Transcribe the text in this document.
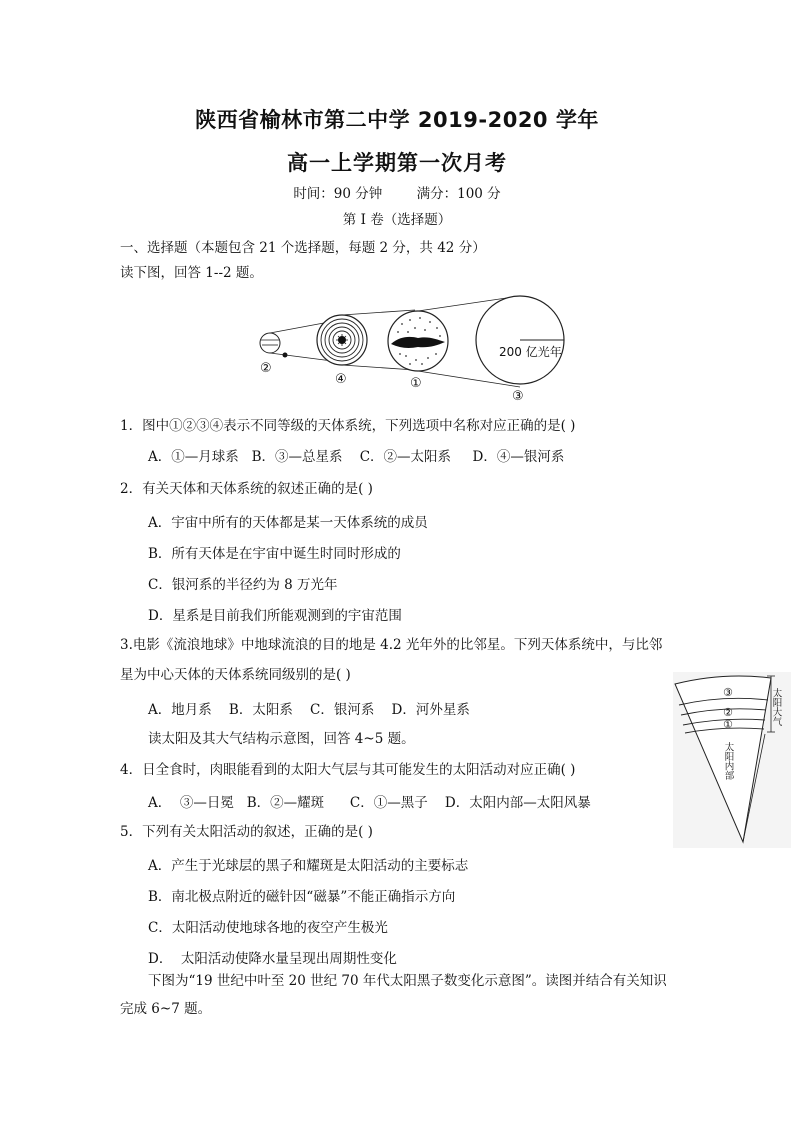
陕西省榆林市第二中学 2019-2020 学年
高一上学期第一次月考
时间：90 分钟        满分：100 分
第 I 卷（选择题）
一、选择题（本题包含 21 个选择题，每题 2 分，共 42 分）
读下图，回答 1--2 题。
200 亿光年
②
④	①
③
1．图中①②③④表示不同等级的天体系统，下列选项中名称对应正确的是( )
A．①—月球系   B．③—总星系    C．②—太阳系     D．④—银河系
2．有关天体和天体系统的叙述正确的是( )
A．宇宙中所有的天体都是某一天体系统的成员
B．所有天体是在宇宙中诞生时同时形成的
C．银河系的半径约为 8 万光年
D．星系是目前我们所能观测到的宇宙范围
3.电影《流浪地球》中地球流浪的目的地是 4.2 光年外的比邻星。下列天体系统中，与比邻
星为中心天体的天体系统同级别的是( )
A．地月系    B．太阳系    C．银河系    D．河外星系
读太阳及其大气结构示意图，回答 4~5 题。
③
②
①	太阳大气
太阳内部
4．日全食时，肉眼能看到的太阳大气层与其可能发生的太阳活动对应正确( )
A．  ③—日冕   B．②—耀斑      C．①—黑子    D．太阳内部—太阳风暴
5．下列有关太阳活动的叙述，正确的是( )
A．产生于光球层的黑子和耀斑是太阳活动的主要标志
B．南北极点附近的磁针因“磁暴”不能正确指示方向
C．太阳活动使地球各地的夜空产生极光
D．  太阳活动使降水量呈现出周期性变化
下图为“19 世纪中叶至 20 世纪 70 年代太阳黑子数变化示意图”。读图并结合有关知识
完成 6~7 题。
